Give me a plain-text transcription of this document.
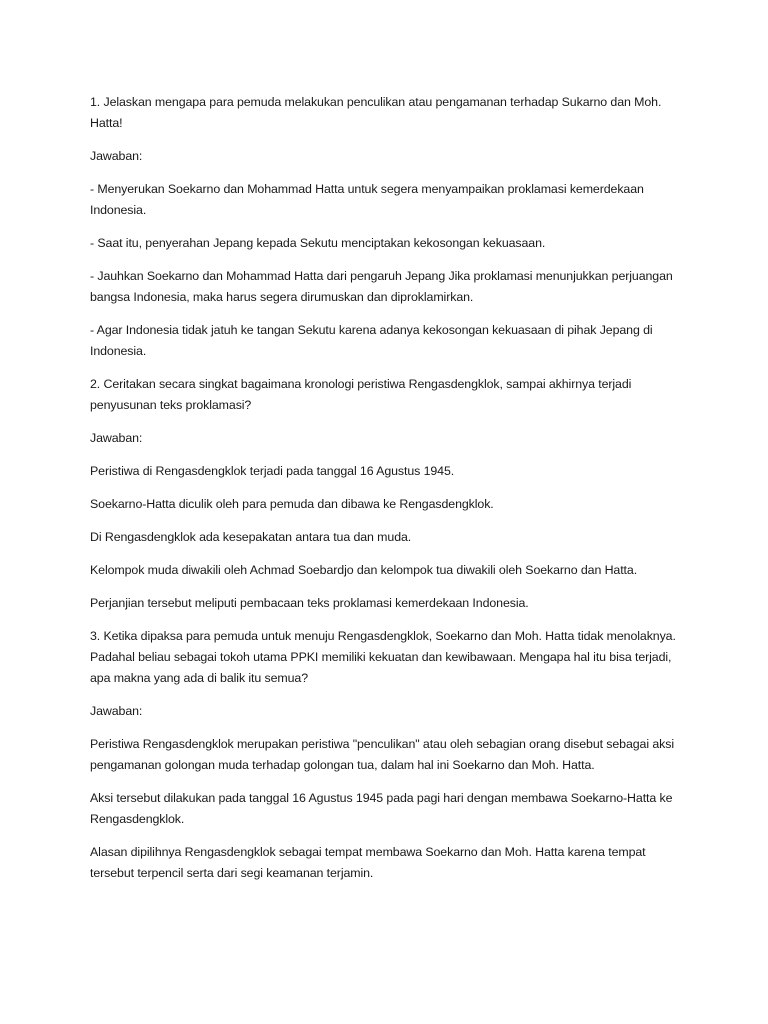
1. Jelaskan mengapa para pemuda melakukan penculikan atau pengamanan terhadap Sukarno dan Moh. Hatta!

Jawaban:

- Menyerukan Soekarno dan Mohammad Hatta untuk segera menyampaikan proklamasi kemerdekaan Indonesia.

- Saat itu, penyerahan Jepang kepada Sekutu menciptakan kekosongan kekuasaan.

- Jauhkan Soekarno dan Mohammad Hatta dari pengaruh Jepang Jika proklamasi menunjukkan perjuangan bangsa Indonesia, maka harus segera dirumuskan dan diproklamirkan.

- Agar Indonesia tidak jatuh ke tangan Sekutu karena adanya kekosongan kekuasaan di pihak Jepang di Indonesia.

2. Ceritakan secara singkat bagaimana kronologi peristiwa Rengasdengklok, sampai akhirnya terjadi penyusunan teks proklamasi?

Jawaban:

Peristiwa di Rengasdengklok terjadi pada tanggal 16 Agustus 1945.

Soekarno-Hatta diculik oleh para pemuda dan dibawa ke Rengasdengklok.

Di Rengasdengklok ada kesepakatan antara tua dan muda.

Kelompok muda diwakili oleh Achmad Soebardjo dan kelompok tua diwakili oleh Soekarno dan Hatta.

Perjanjian tersebut meliputi pembacaan teks proklamasi kemerdekaan Indonesia.

3. Ketika dipaksa para pemuda untuk menuju Rengasdengklok, Soekarno dan Moh. Hatta tidak menolaknya. Padahal beliau sebagai tokoh utama PPKI memiliki kekuatan dan kewibawaan. Mengapa hal itu bisa terjadi, apa makna yang ada di balik itu semua?

Jawaban:

Peristiwa Rengasdengklok merupakan peristiwa "penculikan" atau oleh sebagian orang disebut sebagai aksi pengamanan golongan muda terhadap golongan tua, dalam hal ini Soekarno dan Moh. Hatta.

Aksi tersebut dilakukan pada tanggal 16 Agustus 1945 pada pagi hari dengan membawa Soekarno-Hatta ke Rengasdengklok.

Alasan dipilihnya Rengasdengklok sebagai tempat membawa Soekarno dan Moh. Hatta karena tempat tersebut terpencil serta dari segi keamanan terjamin.
